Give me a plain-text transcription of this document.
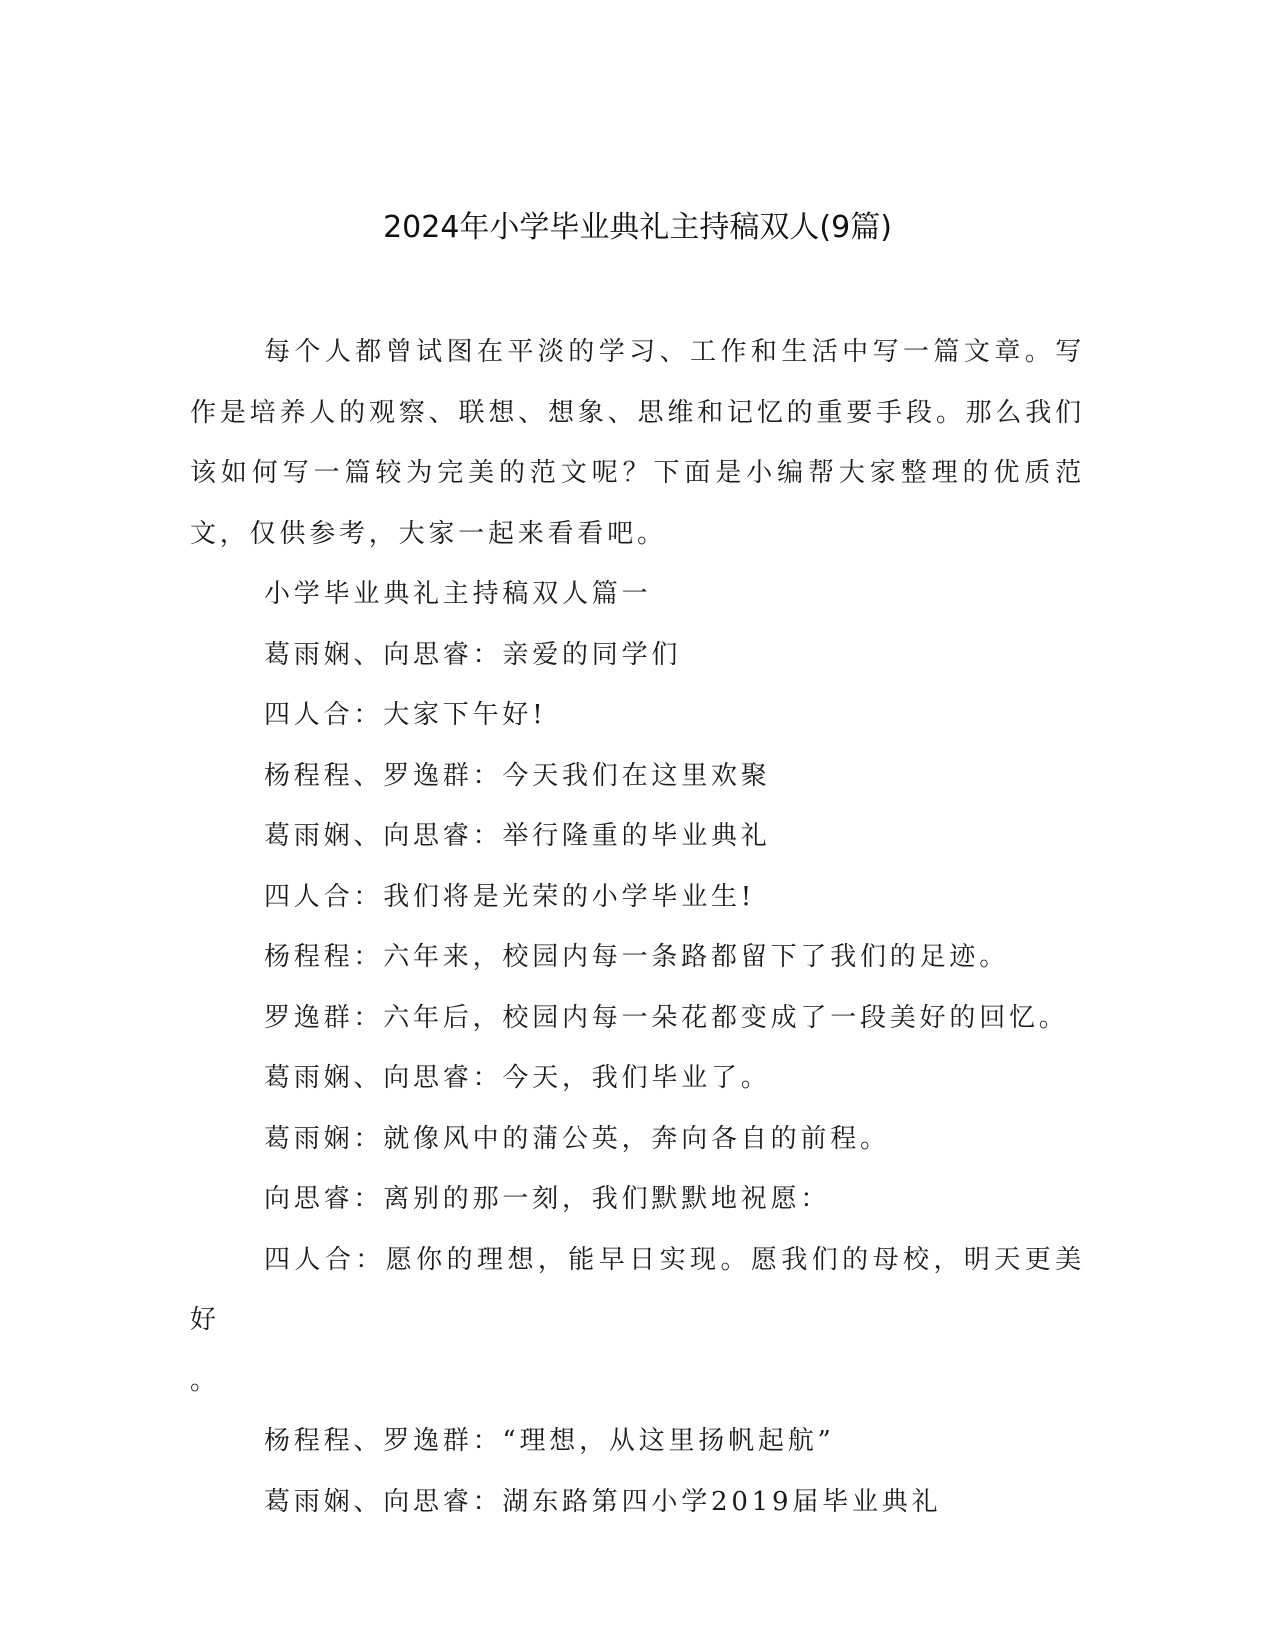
2024年小学毕业典礼主持稿双人(9篇)

每个人都曾试图在平淡的学习、工作和生活中写一篇文章。写作是培养人的观察、联想、想象、思维和记忆的重要手段。那么我们该如何写一篇较为完美的范文呢？下面是小编帮大家整理的优质范文，仅供参考，大家一起来看看吧。

小学毕业典礼主持稿双人篇一

葛雨娴、向思睿：亲爱的同学们

四人合：大家下午好!

杨程程、罗逸群：今天我们在这里欢聚

葛雨娴、向思睿：举行隆重的毕业典礼

四人合：我们将是光荣的小学毕业生!

杨程程：六年来，校园内每一条路都留下了我们的足迹。

罗逸群：六年后，校园内每一朵花都变成了一段美好的回忆。

葛雨娴、向思睿：今天，我们毕业了。

葛雨娴：就像风中的蒲公英，奔向各自的前程。

向思睿：离别的那一刻，我们默默地祝愿：

四人合：愿你的理想，能早日实现。愿我们的母校，明天更美好

。

杨程程、罗逸群：“理想，从这里扬帆起航”

葛雨娴、向思睿：湖东路第四小学2019届毕业典礼
